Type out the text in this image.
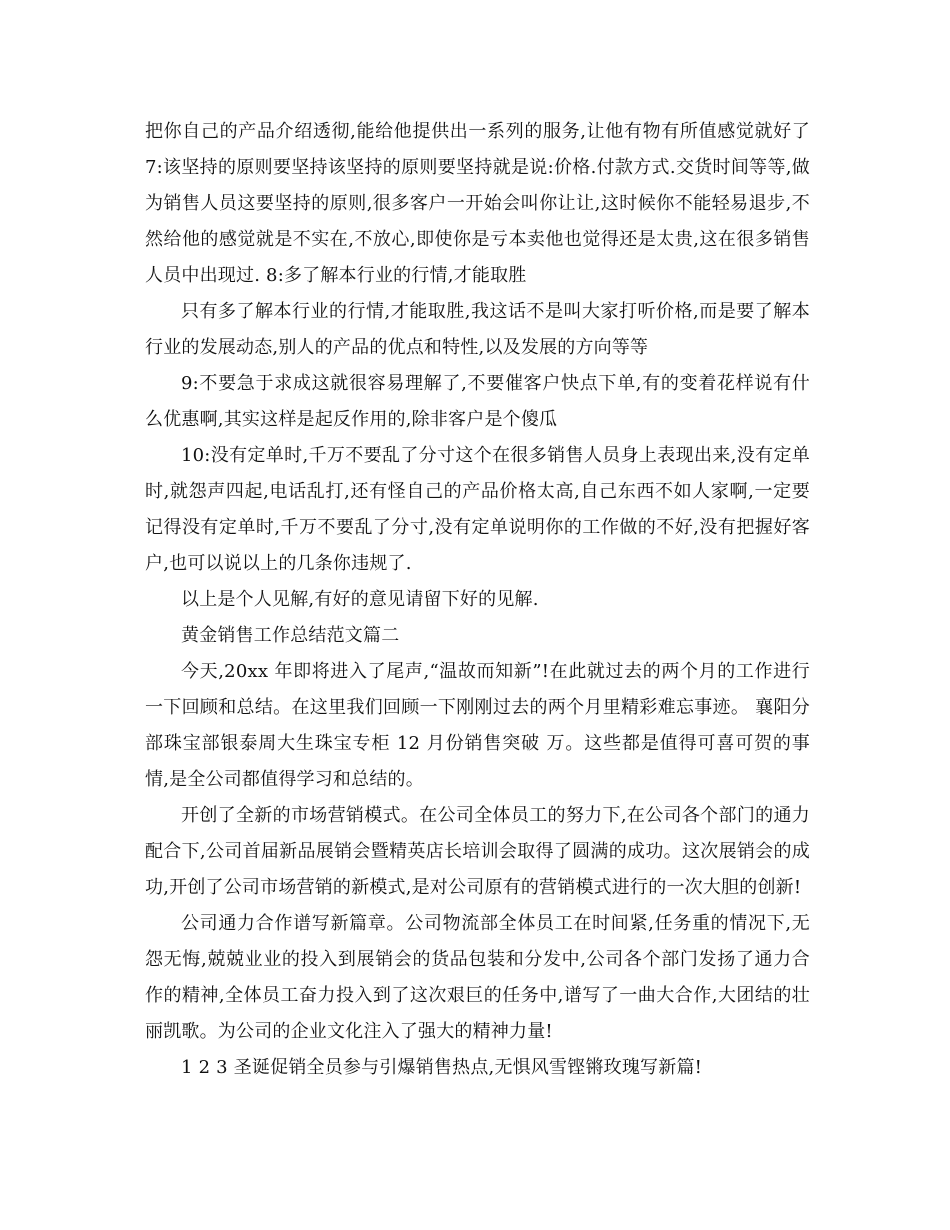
把你自己的产品介绍透彻,能给他提供出一系列的服务,让他有物有所值感觉就好了 7:该坚持的原则要坚持该坚持的原则要坚持就是说:价格.付款方式.交货时间等等,做为销售人员这要坚持的原则,很多客户一开始会叫你让让,这时候你不能轻易退步,不然给他的感觉就是不实在,不放心,即使你是亏本卖他也觉得还是太贵,这在很多销售人员中出现过. 8:多了解本行业的行情,才能取胜

只有多了解本行业的行情,才能取胜,我这话不是叫大家打听价格,而是要了解本行业的发展动态,别人的产品的优点和特性,以及发展的方向等等

9:不要急于求成这就很容易理解了,不要催客户快点下单,有的变着花样说有什么优惠啊,其实这样是起反作用的,除非客户是个傻瓜

10:没有定单时,千万不要乱了分寸这个在很多销售人员身上表现出来,没有定单时,就怨声四起,电话乱打,还有怪自己的产品价格太高,自己东西不如人家啊,一定要记得没有定单时,千万不要乱了分寸,没有定单说明你的工作做的不好,没有把握好客户,也可以说以上的几条你违规了.

以上是个人见解,有好的意见请留下好的见解.

黄金销售工作总结范文篇二

今天,20xx 年即将进入了尾声,“温故而知新”!在此就过去的两个月的工作进行一下回顾和总结。在这里我们回顾一下刚刚过去的两个月里精彩难忘事迹。 襄阳分部珠宝部银泰周大生珠宝专柜 12 月份销售突破 万。这些都是值得可喜可贺的事情,是全公司都值得学习和总结的。

开创了全新的市场营销模式。在公司全体员工的努力下,在公司各个部门的通力配合下,公司首届新品展销会暨精英店长培训会取得了圆满的成功。这次展销会的成功,开创了公司市场营销的新模式,是对公司原有的营销模式进行的一次大胆的创新!

公司通力合作谱写新篇章。公司物流部全体员工在时间紧,任务重的情况下,无怨无悔,兢兢业业的投入到展销会的货品包装和分发中,公司各个部门发扬了通力合作的精神,全体员工奋力投入到了这次艰巨的任务中,谱写了一曲大合作,大团结的壮丽凯歌。为公司的企业文化注入了强大的精神力量!

1 2 3 圣诞促销全员参与引爆销售热点,无惧风雪铿锵玫瑰写新篇!
